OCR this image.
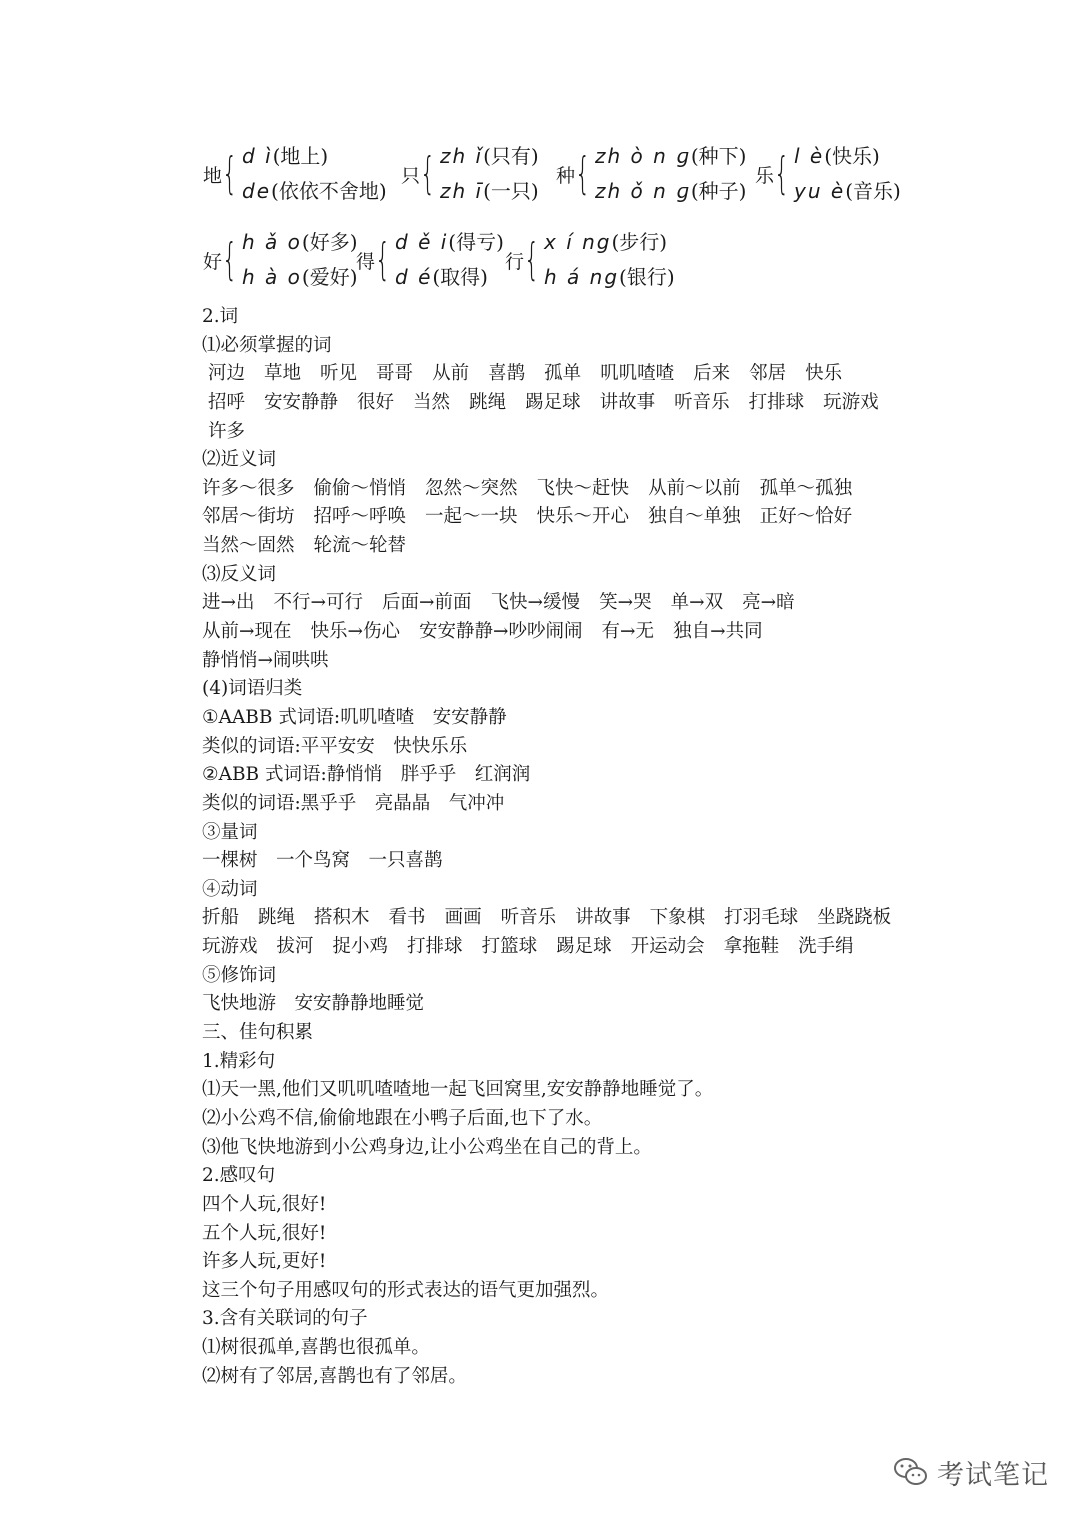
地 { d ì(地上)
de(依依不舍地)
只 { zh ǐ(只有)
zh ī(一只)
种 { zh ò n ɡ(种下)
zh ǒ n ɡ(种子)
乐 { l è(快乐)
yu è(音乐)
好 { h ǎ o(好多)
h à o(爱好)
得 { d ě i(得亏)
d é(取得)
行 { x í ng(步行)
h á ng(银行)
2.词
⑴必须掌握的词
河边 草地 听见 哥哥 从前 喜鹊 孤单 叽叽喳喳 后来 邻居 快乐
招呼 安安静静 很好 当然 跳绳 踢足球 讲故事 听音乐 打排球 玩游戏
许多
⑵近义词
许多～很多 偷偷～悄悄 忽然～突然 飞快～赶快 从前～以前 孤单～孤独
邻居～街坊 招呼～呼唤 一起～一块 快乐～开心 独自～单独 正好～恰好
当然～固然 轮流～轮替
⑶反义词
进→出 不行→可行 后面→前面 飞快→缓慢 笑→哭 单→双 亮→暗
从前→现在 快乐→伤心 安安静静→吵吵闹闹 有→无 独自→共同
静悄悄→闹哄哄
(4)词语归类
①AABB 式词语:叽叽喳喳　安安静静
类似的词语:平平安安　快快乐乐
②ABB 式词语:静悄悄　胖乎乎　红润润
类似的词语:黑乎乎　亮晶晶　气冲冲
③量词
一棵树　一个鸟窝　一只喜鹊
④动词
折船 跳绳 搭积木 看书 画画 听音乐 讲故事 下象棋 打羽毛球 坐跷跷板
玩游戏 拔河 捉小鸡 打排球 打篮球 踢足球 开运动会 拿拖鞋 洗手绢
⑤修饰词
飞快地游　安安静静地睡觉
三、佳句积累
1.精彩句
⑴天一黑,他们又叽叽喳喳地一起飞回窝里,安安静静地睡觉了。
⑵小公鸡不信,偷偷地跟在小鸭子后面,也下了水。
⑶他飞快地游到小公鸡身边,让小公鸡坐在自己的背上。
2.感叹句
四个人玩,很好!
五个人玩,很好!
许多人玩,更好!
这三个句子用感叹句的形式表达的语气更加强烈。
3.含有关联词的句子
⑴树很孤单,喜鹊也很孤单。
⑵树有了邻居,喜鹊也有了邻居。
考试笔记
